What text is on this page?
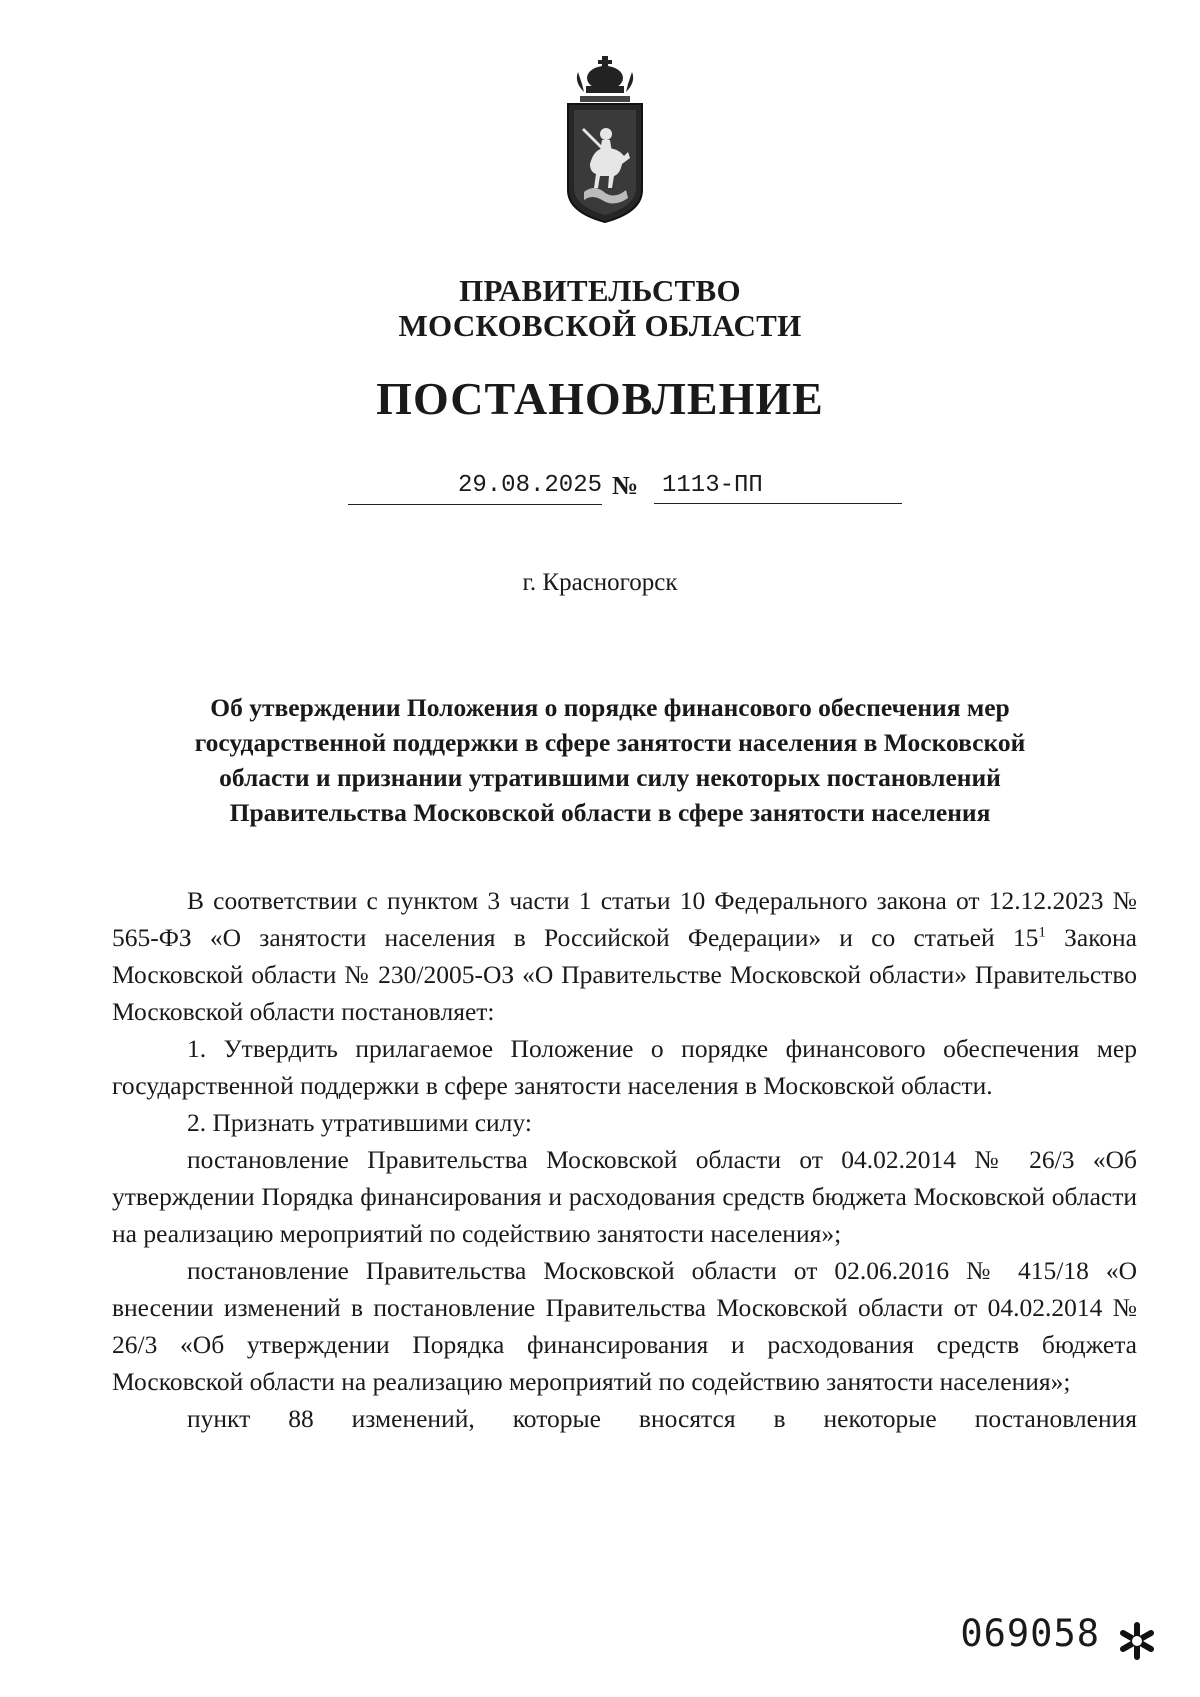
ПРАВИТЕЛЬСТВО
МОСКОВСКОЙ ОБЛАСТИ
ПОСТАНОВЛЕНИЕ
29.08.2025 № 1113-ПП
г. Красногорск
Об утверждении Положения о порядке финансового обеспечения мер государственной поддержки в сфере занятости населения в Московской области и признании утратившими силу некоторых постановлений Правительства Московской области в сфере занятости населения

В соответствии с пунктом 3 части 1 статьи 10 Федерального закона от 12.12.2023 № 565-ФЗ «О занятости населения в Российской Федерации» и со статьей $15^1$ Закона Московской области № 230/2005-ОЗ «О Правительстве Московской области» Правительство Московской области постановляет:

1. Утвердить прилагаемое Положение о порядке финансового обеспечения мер государственной поддержки в сфере занятости населения в Московской области.

2. Признать утратившими силу:

постановление Правительства Московской области от 04.02.2014 № 26/3 «Об утверждении Порядка финансирования и расходования средств бюджета Московской области на реализацию мероприятий по содействию занятости населения»;

постановление Правительства Московской области от 02.06.2016 № 415/18 «О внесении изменений в постановление Правительства Московской области от 04.02.2014 № 26/3 «Об утверждении Порядка финансирования и расходования средств бюджета Московской области на реализацию мероприятий по содействию занятости населения»;

пункт 88 изменений, которые вносятся в некоторые постановления

069058
